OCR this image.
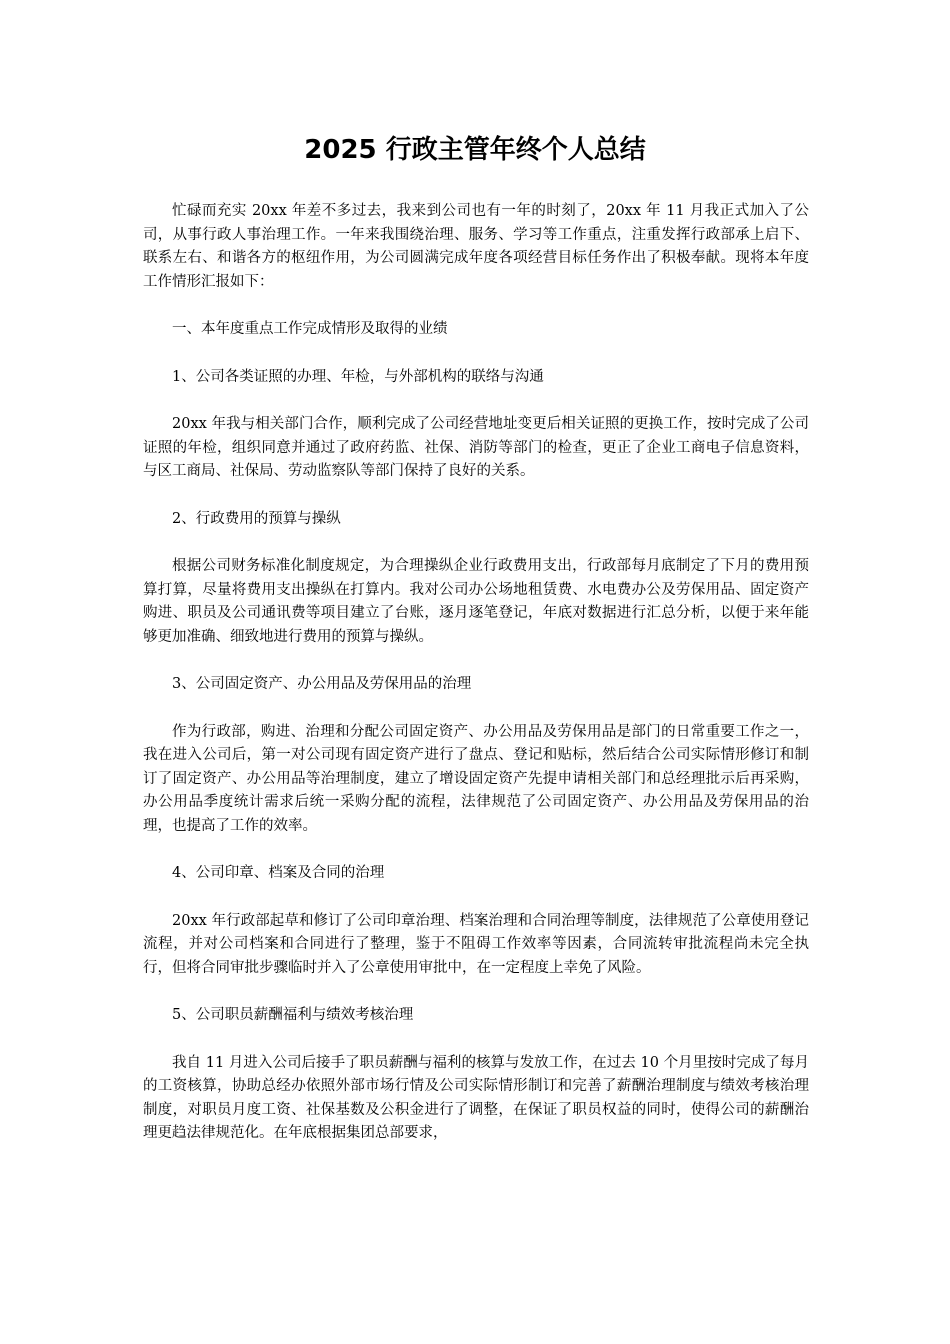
2025 行政主管年终个人总结

忙碌而充实 20xx 年差不多过去，我来到公司也有一年的时刻了，20xx 年 11 月我正式加入了公司，从事行政人事治理工作。一年来我围绕治理、服务、学习等工作重点，注重发挥行政部承上启下、联系左右、和谐各方的枢纽作用，为公司圆满完成年度各项经营目标任务作出了积极奉献。现将本年度工作情形汇报如下：

一、本年度重点工作完成情形及取得的业绩

1、公司各类证照的办理、年检，与外部机构的联络与沟通

20xx 年我与相关部门合作，顺利完成了公司经营地址变更后相关证照的更换工作，按时完成了公司证照的年检，组织同意并通过了政府药监、社保、消防等部门的检查，更正了企业工商电子信息资料，与区工商局、社保局、劳动监察队等部门保持了良好的关系。

2、行政费用的预算与操纵

根据公司财务标准化制度规定，为合理操纵企业行政费用支出，行政部每月底制定了下月的费用预算打算，尽量将费用支出操纵在打算内。我对公司办公场地租赁费、水电费办公及劳保用品、固定资产购进、职员及公司通讯费等项目建立了台账，逐月逐笔登记，年底对数据进行汇总分析，以便于来年能够更加准确、细致地进行费用的预算与操纵。

3、公司固定资产、办公用品及劳保用品的治理

作为行政部，购进、治理和分配公司固定资产、办公用品及劳保用品是部门的日常重要工作之一，我在进入公司后，第一对公司现有固定资产进行了盘点、登记和贴标，然后结合公司实际情形修订和制订了固定资产、办公用品等治理制度，建立了增设固定资产先提申请相关部门和总经理批示后再采购，办公用品季度统计需求后统一采购分配的流程，法律规范了公司固定资产、办公用品及劳保用品的治理，也提高了工作的效率。

4、公司印章、档案及合同的治理

20xx 年行政部起草和修订了公司印章治理、档案治理和合同治理等制度，法律规范了公章使用登记流程，并对公司档案和合同进行了整理，鉴于不阻碍工作效率等因素，合同流转审批流程尚未完全执行，但将合同审批步骤临时并入了公章使用审批中，在一定程度上幸免了风险。

5、公司职员薪酬福利与绩效考核治理

我自 11 月进入公司后接手了职员薪酬与福利的核算与发放工作，在过去 10 个月里按时完成了每月的工资核算，协助总经办依照外部市场行情及公司实际情形制订和完善了薪酬治理制度与绩效考核治理制度，对职员月度工资、社保基数及公积金进行了调整，在保证了职员权益的同时，使得公司的薪酬治理更趋法律规范化。在年底根据集团总部要求，
